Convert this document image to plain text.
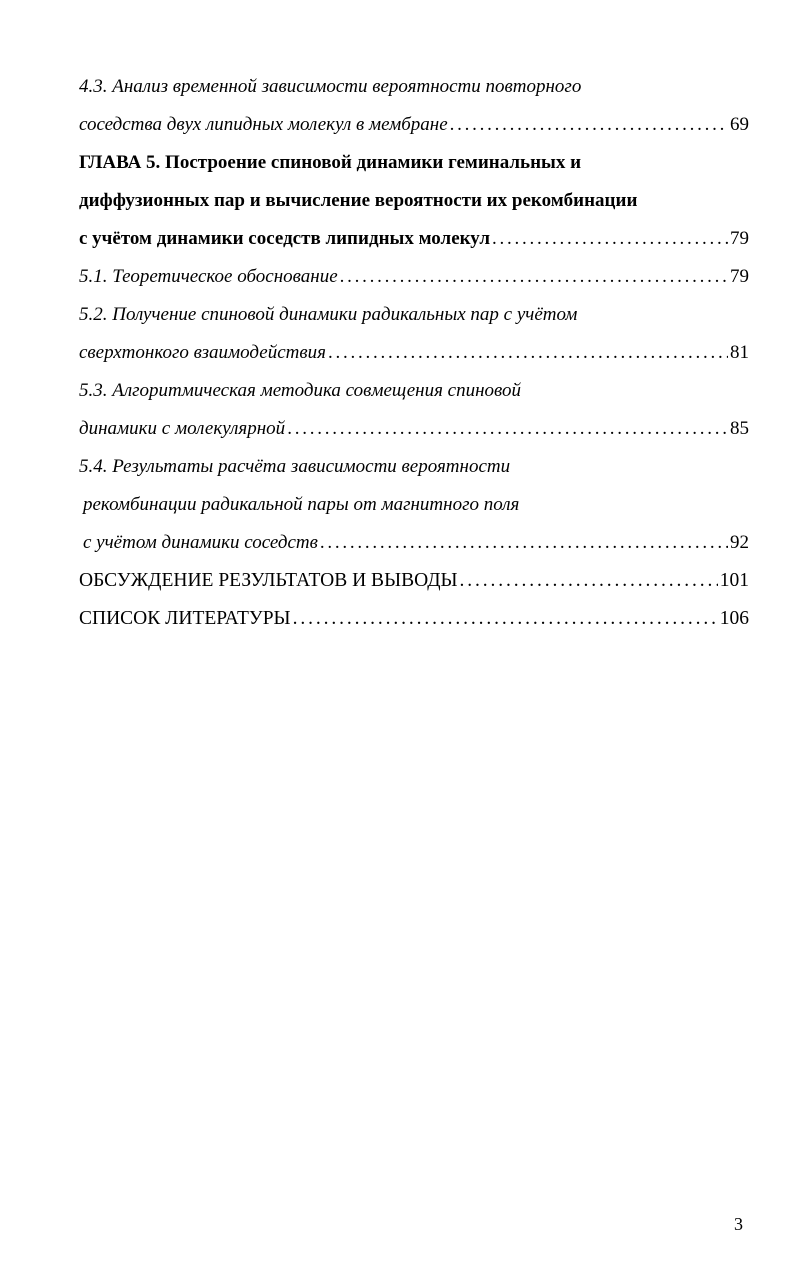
4.3. Анализ временной зависимости вероятности повторного
соседства двух липидных молекул в мембране . . .	69
ГЛАВА 5. Построение спиновой динамики геминальных и
диффузионных пар и вычисление вероятности их рекомбинации
с учётом динамики соседств липидных молекул . . .	79
5.1. Теоретическое обоснование . . .	79
5.2. Получение спиновой динамики радикальных пар с учётом
сверхтонкого взаимодействия . . .	81
5.3. Алгоритмическая методика совмещения спиновой
динамики с молекулярной . . .	85
5.4. Результаты расчёта зависимости вероятности
рекомбинации радикальной пары от магнитного поля
с учётом динамики соседств . . .	92
ОБСУЖДЕНИЕ РЕЗУЛЬТАТОВ И ВЫВОДЫ . . .	101
СПИСОК ЛИТЕРАТУРЫ . . .	106
3
